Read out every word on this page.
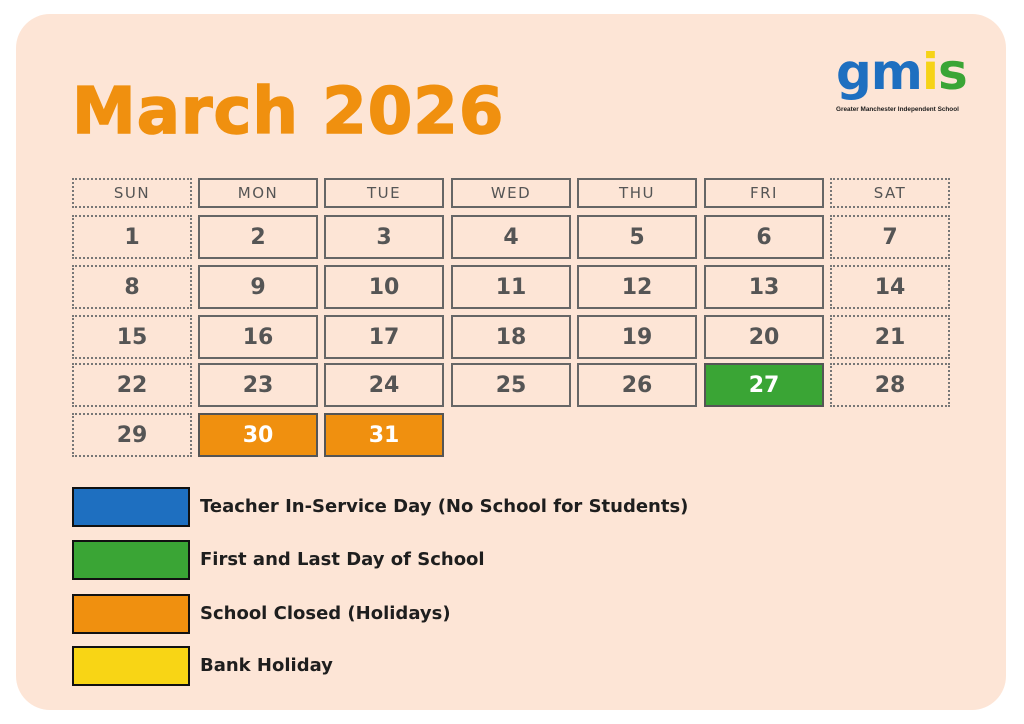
March 2026
gmis
Greater Manchester Independent School
SUN	MON	TUE	WED	THU	FRI	SAT
1	2	3	4	5	6	7
8	9	10	11	12	13	14
15	16	17	18	19	20	21
22	23	24	25	26	27	28
29	30	31
Teacher In-Service Day (No School for Students)
First and Last Day of School
School Closed (Holidays)
Bank Holiday
